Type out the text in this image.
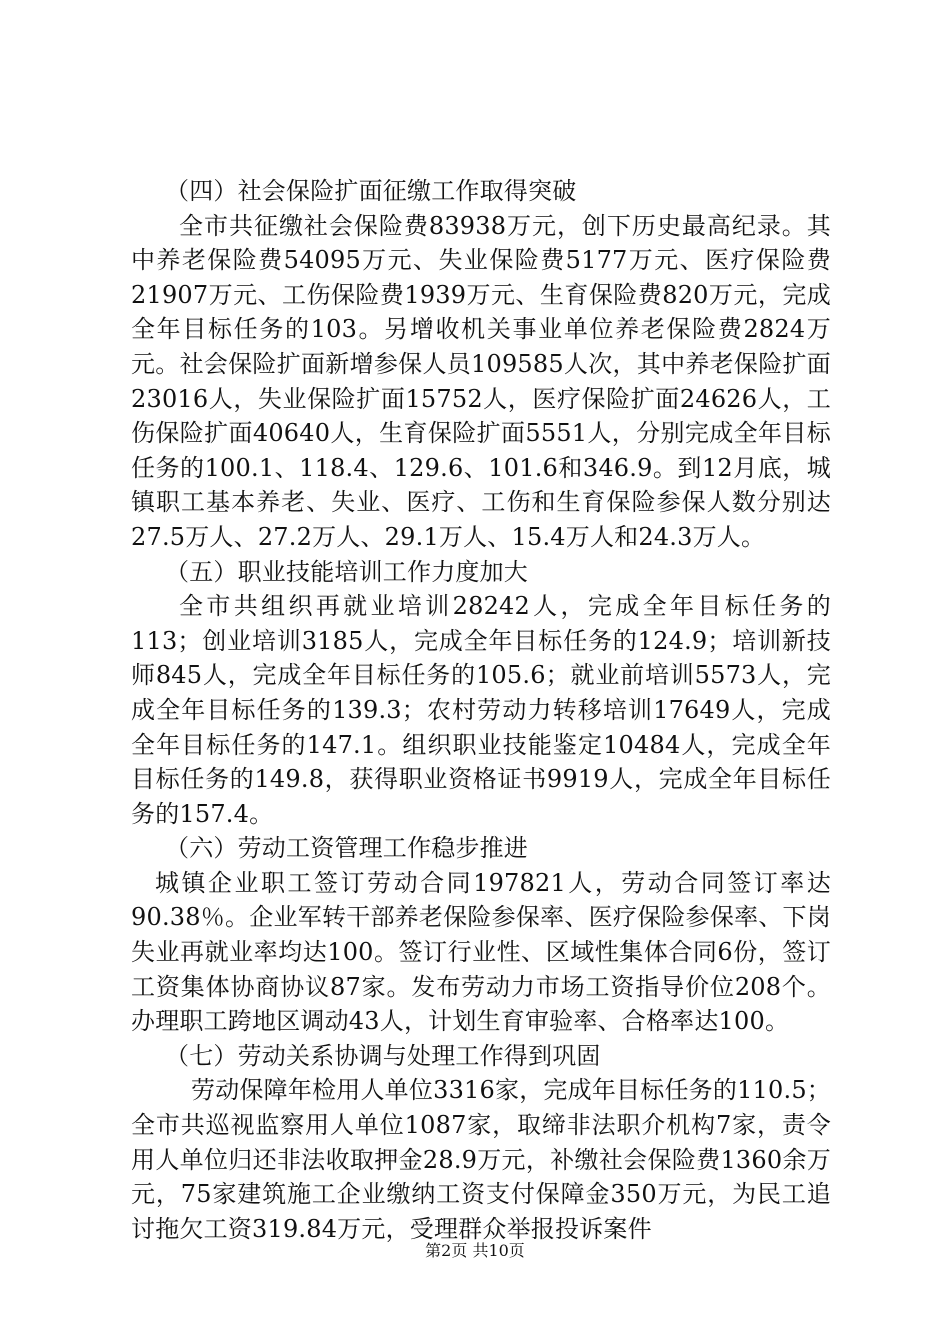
（四）社会保险扩面征缴工作取得突破

全市共征缴社会保险费83938万元，创下历史最高纪录。其中养老保险费54095万元、失业保险费5177万元、医疗保险费21907万元、工伤保险费1939万元、生育保险费820万元，完成全年目标任务的103。另增收机关事业单位养老保险费2824万元。社会保险扩面新增参保人员109585人次，其中养老保险扩面23016人，失业保险扩面15752人，医疗保险扩面24626人，工伤保险扩面40640人，生育保险扩面5551人，分别完成全年目标任务的100.1、118.4、129.6、101.6和346.9。到12月底，城镇职工基本养老、失业、医疗、工伤和生育保险参保人数分别达27.5万人、27.2万人、29.1万人、15.4万人和24.3万人。

（五）职业技能培训工作力度加大

全市共组织再就业培训28242人，完成全年目标任务的113；创业培训3185人，完成全年目标任务的124.9；培训新技师845人，完成全年目标任务的105.6；就业前培训5573人，完成全年目标任务的139.3；农村劳动力转移培训17649人，完成全年目标任务的147.1。组织职业技能鉴定10484人，完成全年目标任务的149.8，获得职业资格证书9919人，完成全年目标任务的157.4。

（六）劳动工资管理工作稳步推进

城镇企业职工签订劳动合同197821人，劳动合同签订率达90.38％。企业军转干部养老保险参保率、医疗保险参保率、下岗失业再就业率均达100。签订行业性、区域性集体合同6份，签订工资集体协商协议87家。发布劳动力市场工资指导价位208个。办理职工跨地区调动43人，计划生育审验率、合格率达100。

（七）劳动关系协调与处理工作得到巩固

劳动保障年检用人单位3316家，完成年目标任务的110.5；全市共巡视监察用人单位1087家，取缔非法职介机构7家，责令用人单位归还非法收取押金28.9万元，补缴社会保险费1360余万元，75家建筑施工企业缴纳工资支付保障金350万元，为民工追讨拖欠工资319.84万元，受理群众举报投诉案件

第2页 共10页
